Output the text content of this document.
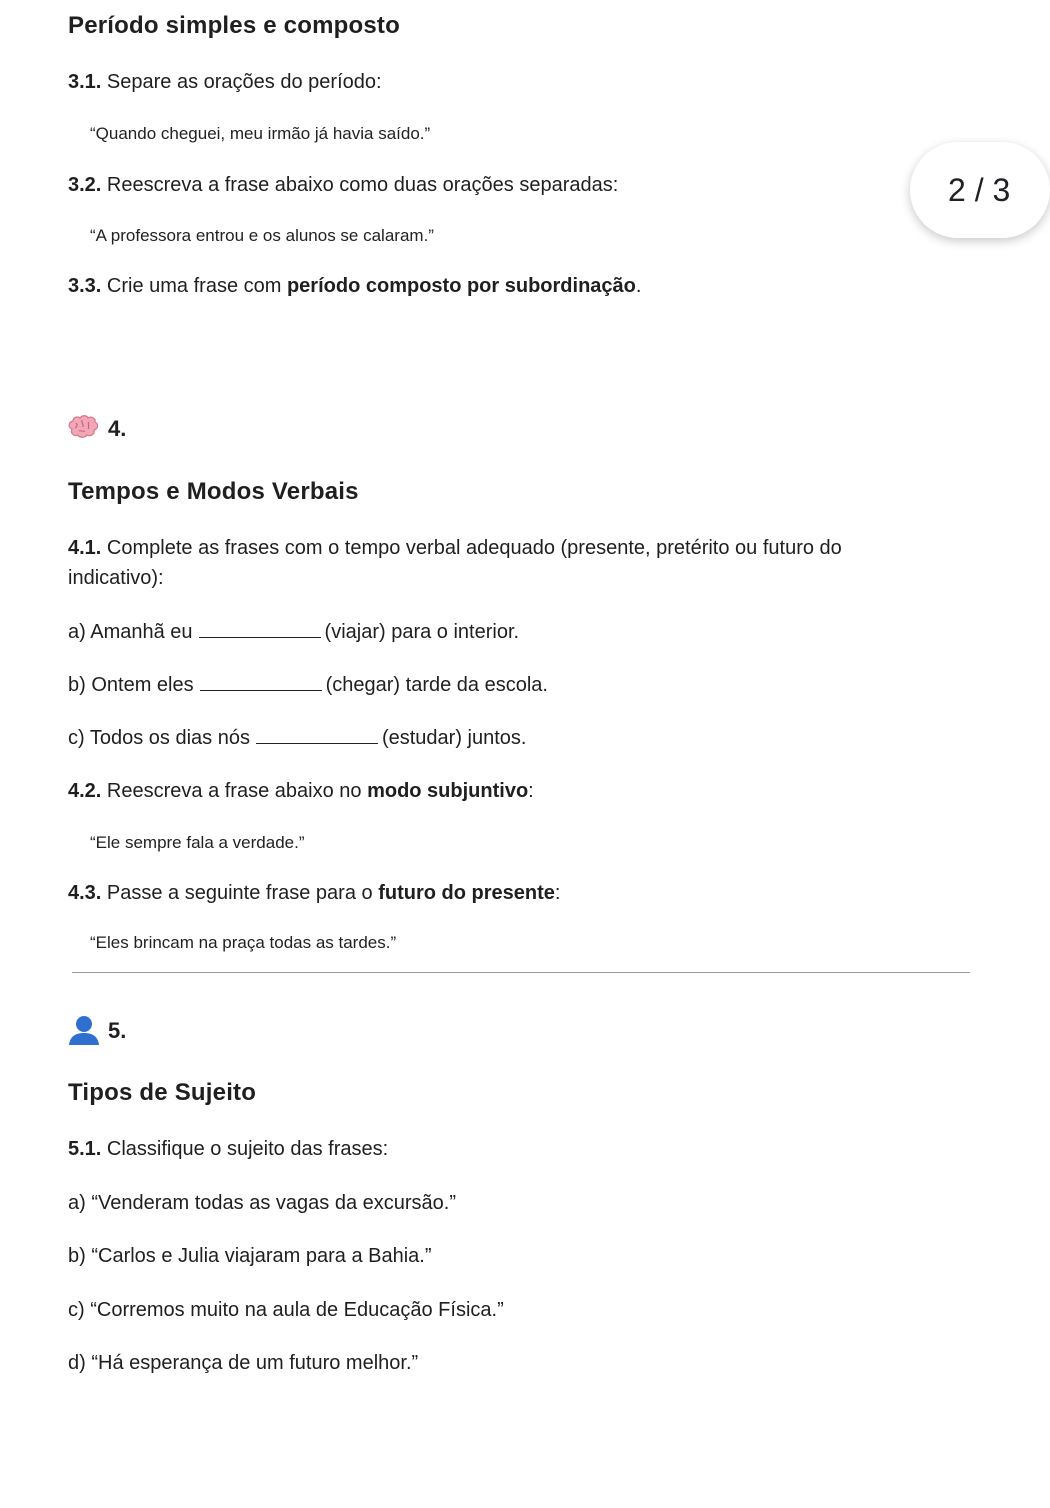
Período simples e composto
3.1. Separe as orações do período:
“Quando cheguei, meu irmão já havia saído.”
3.2. Reescreva a frase abaixo como duas orações separadas:
“A professora entrou e os alunos se calaram.”
3.3. Crie uma frase com período composto por subordinação.
2 / 3
4.
Tempos e Modos Verbais
4.1. Complete as frases com o tempo verbal adequado (presente, pretérito ou futuro do
indicativo):
a) Amanhã eu	(viajar) para o interior.
b) Ontem eles	(chegar) tarde da escola.
c) Todos os dias nós	(estudar) juntos.
4.2. Reescreva a frase abaixo no modo subjuntivo:
“Ele sempre fala a verdade.”
4.3. Passe a seguinte frase para o futuro do presente:
“Eles brincam na praça todas as tardes.”
5.
Tipos de Sujeito
5.1. Classifique o sujeito das frases:
a) “Venderam todas as vagas da excursão.”
b) “Carlos e Julia viajaram para a Bahia.”
c) “Corremos muito na aula de Educação Física.”
d) “Há esperança de um futuro melhor.”
